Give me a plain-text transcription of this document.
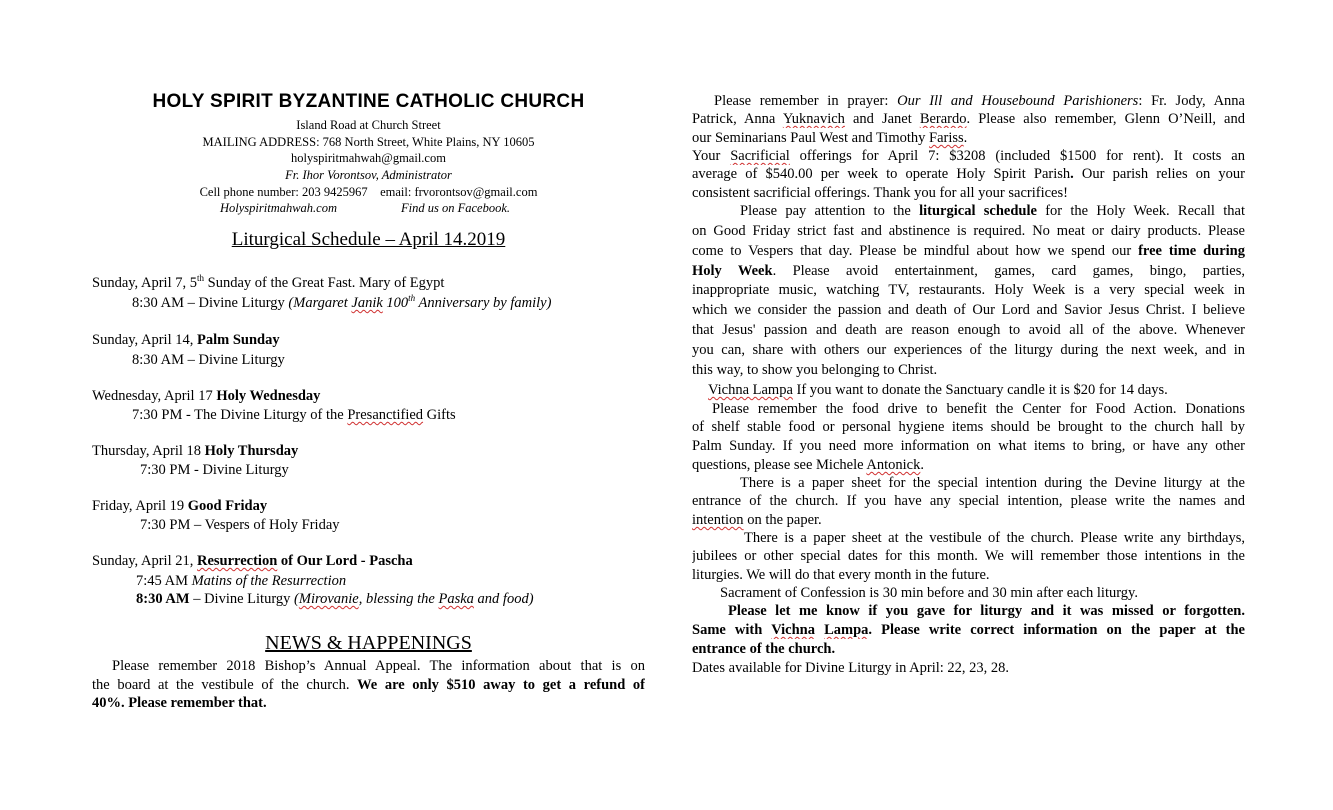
HOLY SPIRIT BYZANTINE CATHOLIC CHURCH
Island Road at Church Street
MAILING ADDRESS: 768 North Street, White Plains, NY 10605
holyspiritmahwah@gmail.com
Fr. Ihor Vorontsov, Administrator
Cell phone number: 203 9425967    email: frvorontsov@gmail.com
Holyspiritmahwah.com	Find us on Facebook.
Liturgical Schedule – April 14.2019
Sunday, April 7, 5th Sunday of the Great Fast. Mary of Egypt
8:30 AM – Divine Liturgy (Margaret Janik 100th Anniversary by family)
Sunday, April 14, Palm Sunday
8:30 AM – Divine Liturgy
Wednesday, April 17 Holy Wednesday
7:30 PM - The Divine Liturgy of the Presanctified Gifts
Thursday, April 18 Holy Thursday
7:30 PM - Divine Liturgy
Friday, April 19 Good Friday
7:30 PM – Vespers of Holy Friday
Sunday, April 21, Resurrection of Our Lord - Pascha
7:45 AM Matins of the Resurrection
8:30 AM – Divine Liturgy (Mirovanie, blessing the Paska and food)
NEWS & HAPPENINGS
Please remember 2018 Bishop’s Annual Appeal. The information about that is on
the board at the vestibule of the church. We are only $510 away to get a refund of
40%. Please remember that.
Please remember in prayer: Our Ill and Housebound Parishioners: Fr. Jody, Anna
Patrick, Anna Yuknavich and Janet Berardo. Please also remember, Glenn O’Neill, and
our Seminarians Paul West and Timothy Fariss.
Your Sacrificial offerings for April 7: $3208 (included $1500 for rent). It costs an
average of $540.00 per week to operate Holy Spirit Parish. Our parish relies on your
consistent sacrificial offerings. Thank you for all your sacrifices!
Please pay attention to the liturgical schedule for the Holy Week. Recall that
on Good Friday strict fast and abstinence is required. No meat or dairy products. Please
come to Vespers that day. Please be mindful about how we spend our free time during
Holy Week. Please avoid entertainment, games, card games, bingo, parties,
inappropriate music, watching TV, restaurants. Holy Week is a very special week in
which we consider the passion and death of Our Lord and Savior Jesus Christ. I believe
that Jesus' passion and death are reason enough to avoid all of the above. Whenever
you can, share with others our experiences of the liturgy during the next week, and in
this way, to show you belonging to Christ.
Vichna Lampa If you want to donate the Sanctuary candle it is $20 for 14 days.
Please remember the food drive to benefit the Center for Food Action. Donations
of shelf stable food or personal hygiene items should be brought to the church hall by
Palm Sunday. If you need more information on what items to bring, or have any other
questions, please see Michele Antonick.
There is a paper sheet for the special intention during the Devine liturgy at the
entrance of the church. If you have any special intention, please write the names and
intention on the paper.
There is a paper sheet at the vestibule of the church. Please write any birthdays,
jubilees or other special dates for this month. We will remember those intentions in the
liturgies. We will do that every month in the future.
Sacrament of Confession is 30 min before and 30 min after each liturgy.
Please let me know if you gave for liturgy and it was missed or forgotten.
Same with Vichna Lampa. Please write correct information on the paper at the
entrance of the church.
Dates available for Divine Liturgy in April: 22, 23, 28.
